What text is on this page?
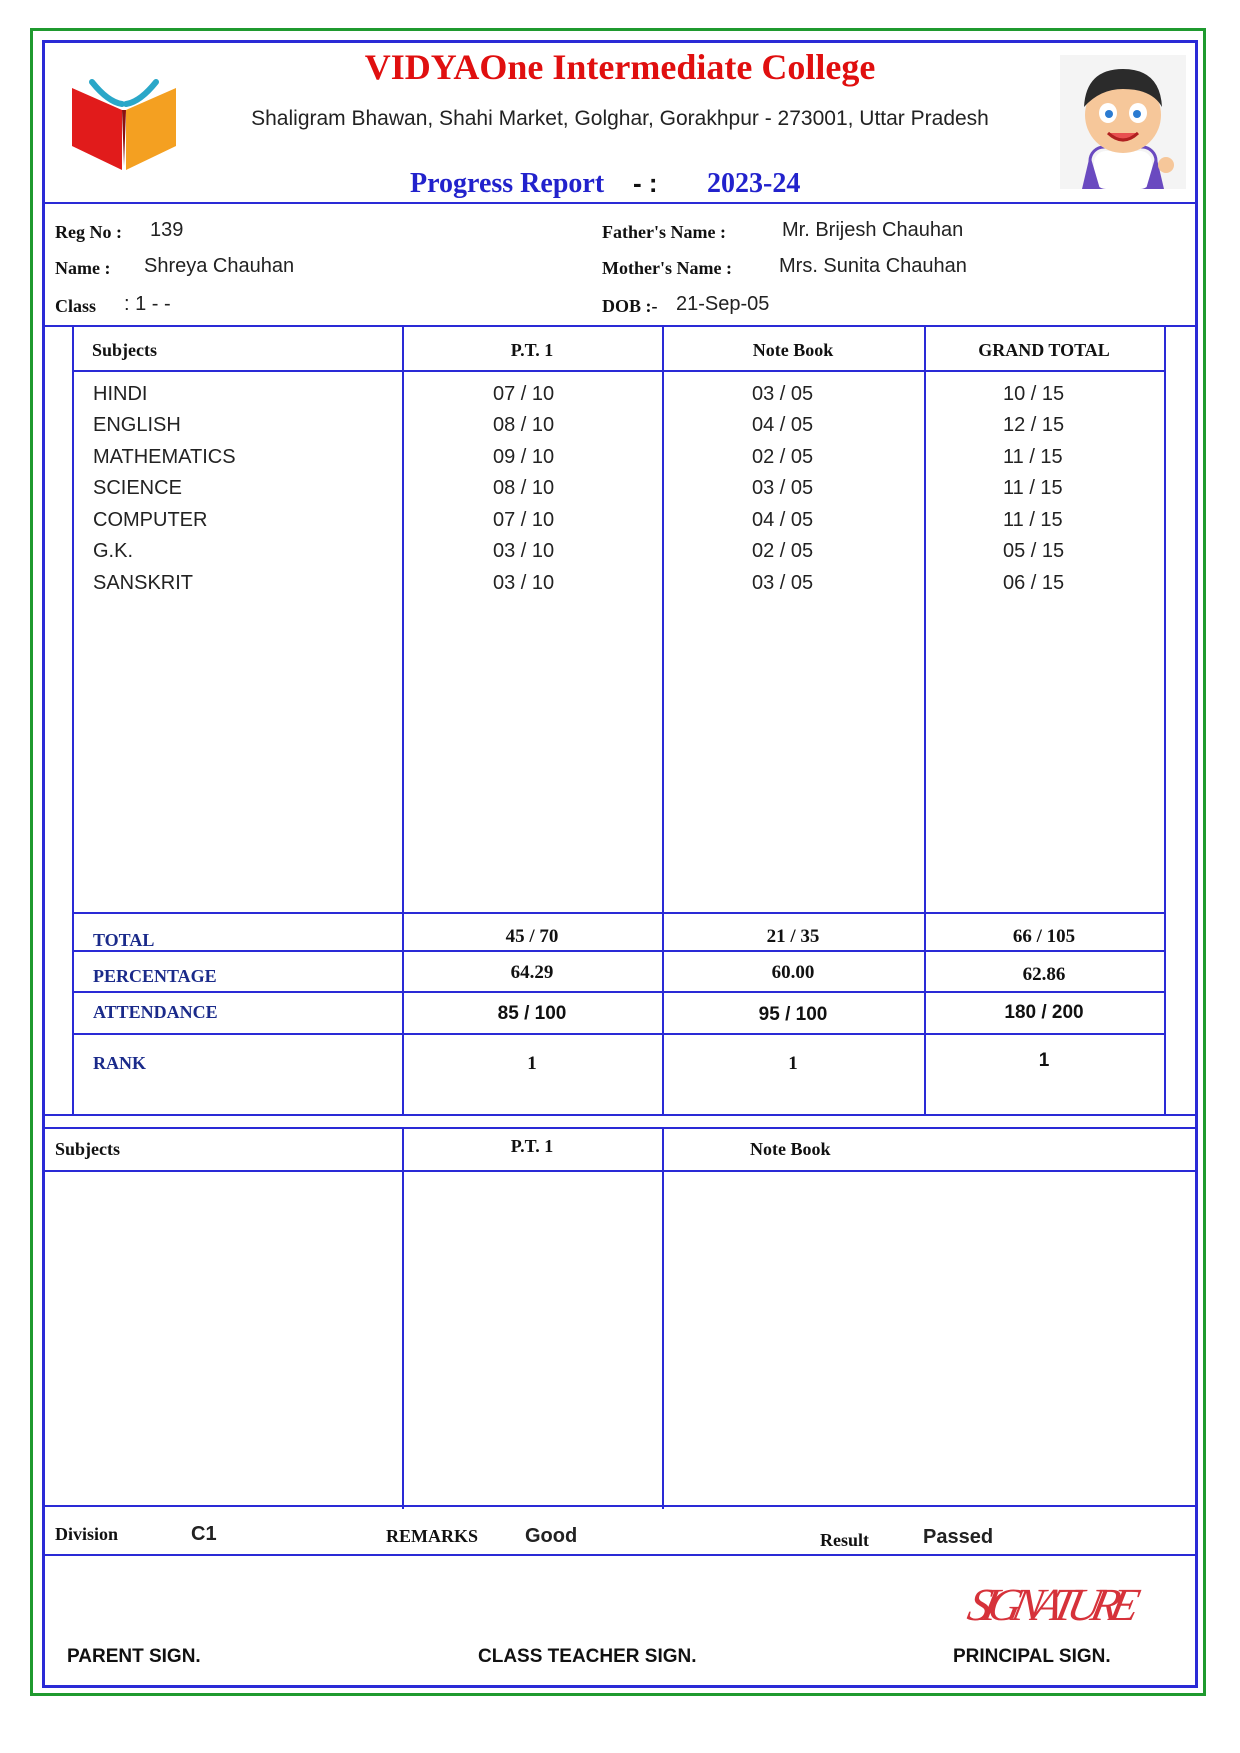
VIDYAOne Intermediate College
Shaligram Bhawan, Shahi Market, Golghar, Gorakhpur - 273001, Uttar Pradesh
Progress Report - : 2023-24
Reg No : 139
Name : Shreya Chauhan
Class : 1 - -
Father's Name :	Mr. Brijesh Chauhan
Mother's Name : Mrs. Sunita Chauhan
DOB :- 21-Sep-05
Subjects	P.T. 1	Note Book	GRAND TOTAL
HINDI	07 / 10	03 / 05	10 / 15
ENGLISH	08 / 10	04 / 05	12 / 15
MATHEMATICS	09 / 10	02 / 05	11 / 15
SCIENCE	08 / 10	03 / 05	11 / 15
COMPUTER	07 / 10	04 / 05	11 / 15
G.K.	03 / 10	02 / 05	05 / 15
SANSKRIT	03 / 10	03 / 05	06 / 15
TOTAL	45 / 70	21 / 35	66 / 105
PERCENTAGE	64.29	60.00	62.86
ATTENDANCE	85 / 100	95 / 100	180 / 200
RANK	1	1	1
Subjects	P.T. 1	Note Book
Division	C1	REMARKS Good	Result	Passed
SIGNATURE
PARENT SIGN.	CLASS TEACHER SIGN.	PRINCIPAL SIGN.
